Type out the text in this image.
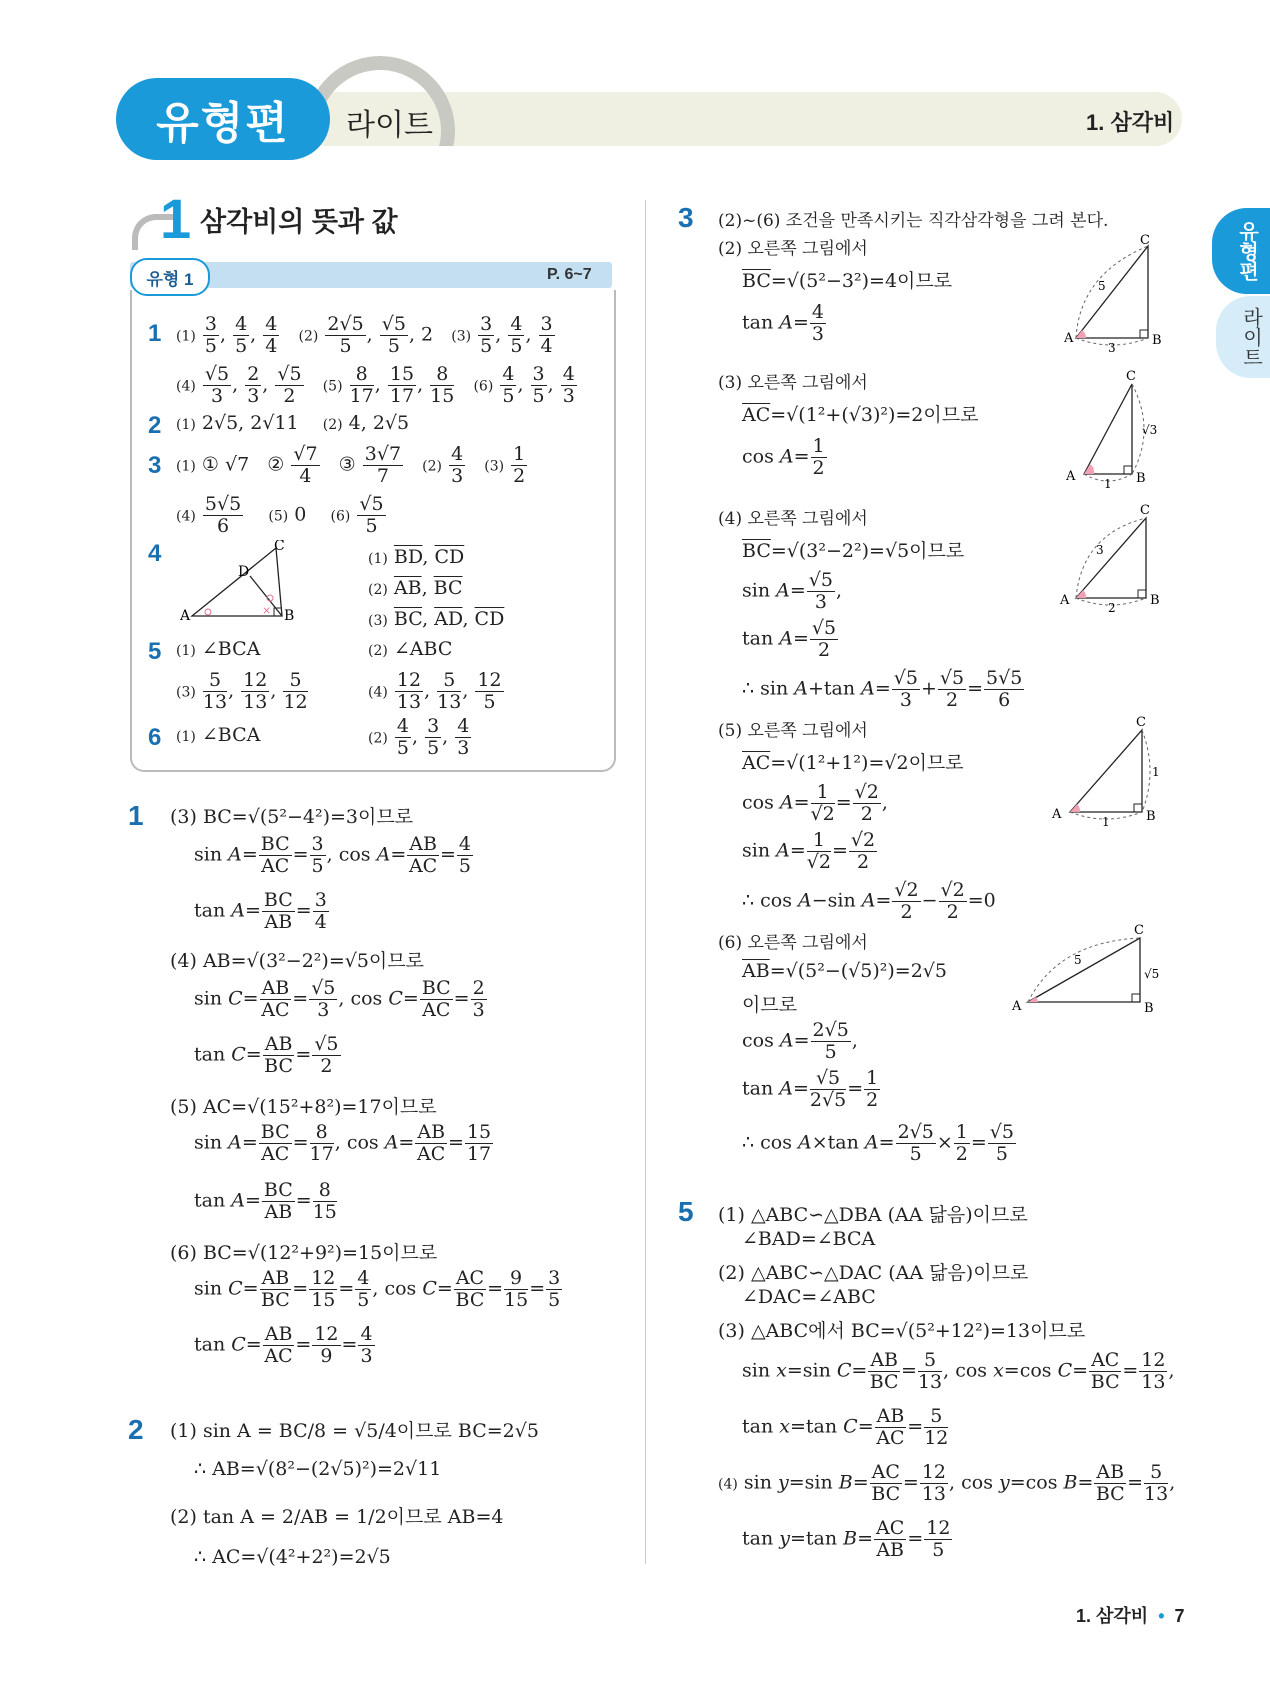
유형편	라이트	1. 삼각비
유형편
라이트
1 삼각비의 뜻과 값
유형 1	P. 6~7
1 $(1) \frac{3}{5}$ , $\frac{4}{5}$ , $\frac{4}{4} (2) \frac{2√5}{5}$ , $\frac{√5}{5}$ , 2   $(3) \frac{3}{5}$ , $\frac{4}{5}$ , $\frac{3}{4}$
$(4) \frac{√5}{3}$ , $\frac{2}{3}$ , $\frac{√5}{2} (5) \frac{8}{17}$ , $\frac{15}{17}$ , $\frac{8}{15} (6) \frac{4}{5}$ , $\frac{3}{5}$ , $\frac{4}{3}$
2 (1) 2√5, 2√11    (2) 4, 2√5
3 (1) ① √7   ② $\frac{√7}{4}$ ③ $\frac{3√7}{7} (2) \frac{4}{3} (3) \frac{1}{2}$
$(4) \frac{5√5}{6} (5)$ 0    $(6) \frac{√5}{5}$
4
×
A	B
C
D
(1) $\overline{BD}$, $\overline{CD}$
(2) $\overline{AB}$, $\overline{BC}$
(3) $\overline{BC}$, $\overline{AD}$, $\overline{CD}$
5 (1) ∠BCA	(2) ∠ABC
$(3) \frac{5}{13}$ , $\frac{12}{13}$ , $\frac{5}{12}$	$(4) \frac{12}{13}$ , $\frac{5}{13}$ , $\frac{12}{5}$
6 (1) ∠BCA	$(2) \frac{4}{5}$ , $\frac{3}{5}$ , $\frac{4}{3}$
1 (3) BC=√(5²−4²)=3이므로
$\sin A= \frac{BC}{AC} = \frac{3}{5}$ , $\cos A= \frac{AB}{AC} = \frac{4}{5}$
$\tan A= \frac{BC}{AB} = \frac{3}{4}$
(4) AB=√(3²−2²)=√5이므로
$\sin C= \frac{AB}{AC} = \frac{√5}{3}$ , $\cos C= \frac{BC}{AC} = \frac{2}{3}$
$\tan C= \frac{AB}{BC} = \frac{√5}{2}$
(5) AC=√(15²+8²)=17이므로
$\sin A= \frac{BC}{AC} = \frac{8}{17}$ , $\cos A= \frac{AB}{AC} = \frac{15}{17}$
$\tan A= \frac{BC}{AB} = \frac{8}{15}$
(6) BC=√(12²+9²)=15이므로
$\sin C= \frac{AB}{BC} = \frac{12}{15} = \frac{4}{5}$ , $\cos C= \frac{AC}{BC} = \frac{9}{15} = \frac{3}{5}$
$\tan C= \frac{AB}{AC} = \frac{12}{9} = \frac{4}{3}$
2 (1) sin A = BC/8 = √5/4이므로 BC=2√5
∴ AB=√(8²−(2√5)²)=2√11
(2) tan A = 2/AB = 1/2이므로 AB=4
∴ AC=√(4²+2²)=2√5
3 (2)~(6) 조건을 만족시키는 직각삼각형을 그려 본다.
(2) 오른쪽 그림에서
$\overline{BC}=√(5^2-3^2)=4$이므로
$\tan A= \frac{4}{3}$	A	B
C
5
3
(3) 오른쪽 그림에서
$\overline{AC}=√(1^2+(√3)^2)=2$이므로
$\cos A= \frac{1}{2}$	A	B
C
√3
1
(4) 오른쪽 그림에서
$\overline{BC}=√(3^2-2^2)=√5$이므로
$\sin A= \frac{√5}{3}$ ,
$\tan A= \frac{√5}{2}$
∴ sin A+tan $A= \frac{√5}{3} + \frac{√5}{2} = \frac{5√5}{6}$
A	B
C
3
2
(5) 오른쪽 그림에서
$\overline{AC}=√(1^2+1^2)=√2$이므로
$\cos A= \frac{1}{√2} = \frac{√2}{2}$ ,
$\sin A= \frac{1}{√2} = \frac{√2}{2}$
∴ cos A−sin $A= \frac{√2}{2} - \frac{√2}{2} =0$
A	B
C
1
1
(6) 오른쪽 그림에서
$\overline{AB}=√(5^2-(√5)^2)=2√5$
이므로
$\cos A= \frac{2√5}{5}$ ,
$\tan A= \frac{√5}{2√5} = \frac{1}{2}$
∴ cos A×tan $A= \frac{2√5}{5} \times \frac{1}{2} = \frac{√5}{5}$
A	B
C
5
√5
5 (1) △ABC∽△DBA (AA 닮음)이므로
∠BAD=∠BCA
(2) △ABC∽△DAC (AA 닮음)이므로
∠DAC=∠ABC
(3) △ABC에서 BC=√(5²+12²)=13이므로
sin x=sin $C= \frac{AB}{BC} = \frac{5}{13}$ , cos x=cos $C= \frac{AC}{BC} = \frac{12}{13}$ ,
tan x=tan $C= \frac{AB}{AC} = \frac{5}{12}$
(4) sin y=sin $B= \frac{AC}{BC} = \frac{12}{13}$ , cos y=cos $B= \frac{AB}{BC} = \frac{5}{13}$ ,
tan y=tan $B= \frac{AC}{AB} = \frac{12}{5}$
1. 삼각비  •  7
